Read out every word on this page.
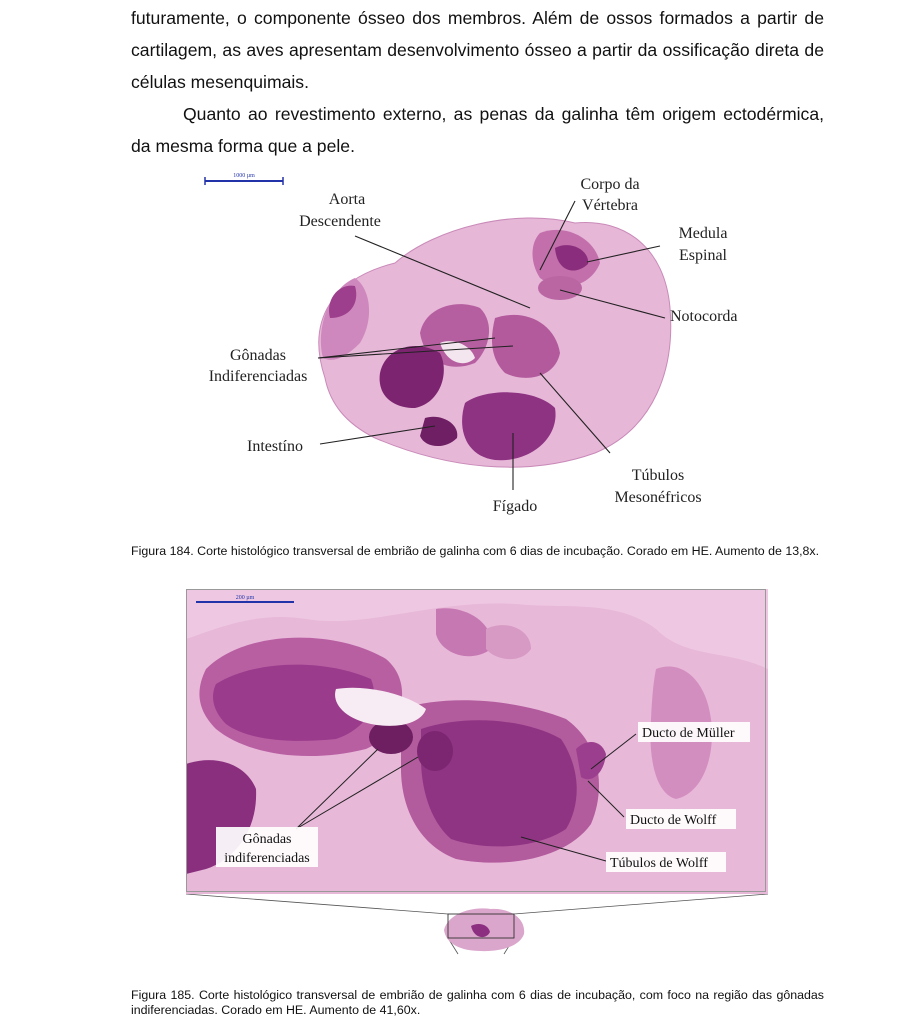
futuramente, o componente ósseo dos membros. Além de ossos formados a partir de cartilagem, as aves apresentam desenvolvimento ósseo a partir da ossificação direta de células mesenquimais.

Quanto ao revestimento externo, as penas da galinha têm origem ectodérmica, da mesma forma que a pele.

1000 µm
Aorta
Descendente
Corpo da
Vértebra
Medula
Espinal
Notocorda
Gônadas
Indiferenciadas
Intestíno
Túbulos
Mesonéfricos
Fígado

Figura 184. Corte histológico transversal de embrião de galinha com 6 dias de incubação. Corado em HE. Aumento de 13,8x.

200 µm
Ducto de Müller
Ducto de Wolff
Túbulos de Wolff
Gônadas
indiferenciadas

Figura 185. Corte histológico transversal de embrião de galinha com 6 dias de incubação, com foco na região das gônadas indiferenciadas. Corado em HE. Aumento de 41,60x.
